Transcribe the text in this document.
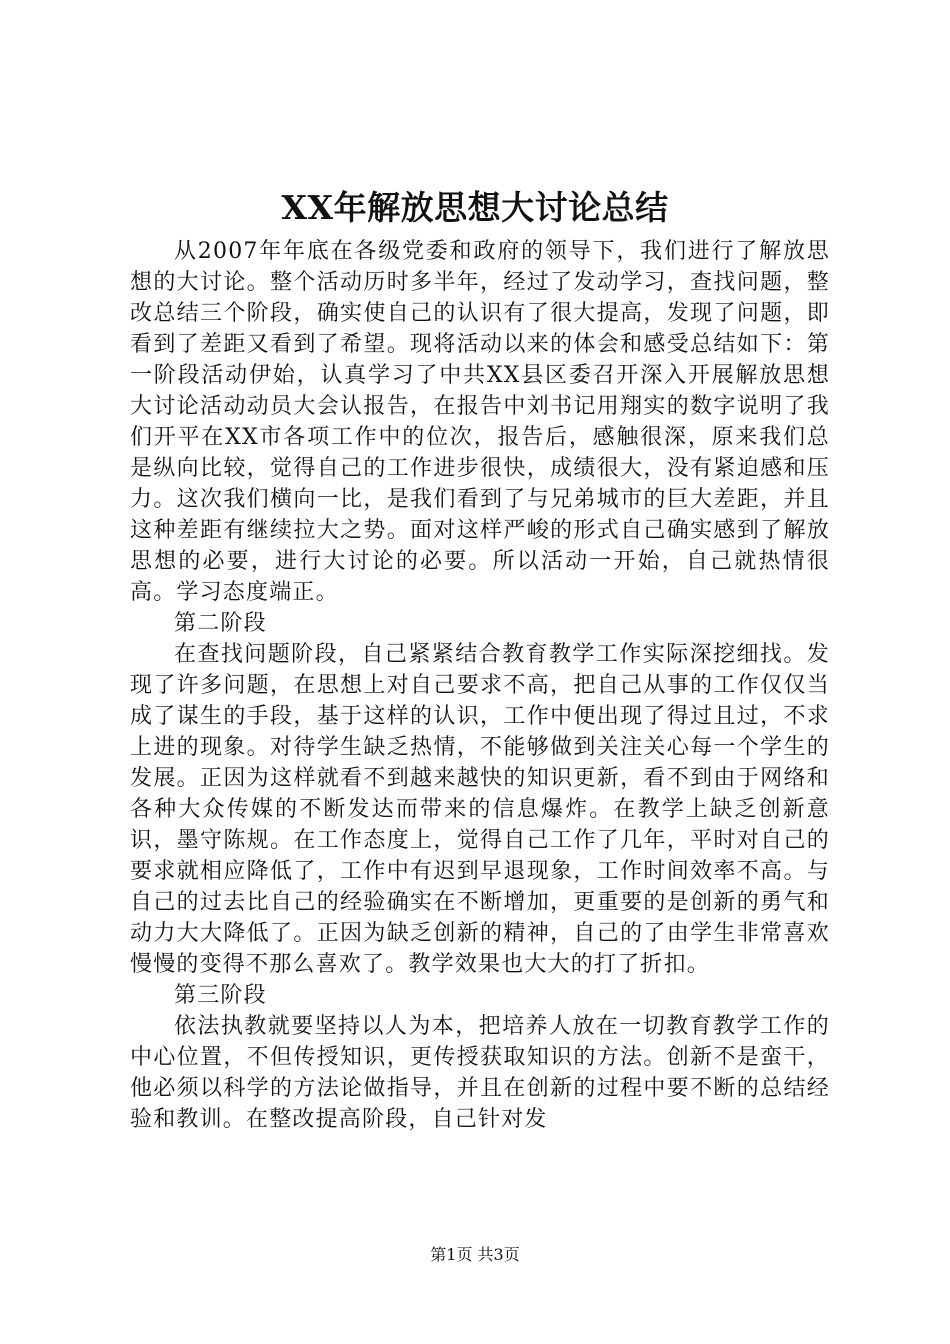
XX年解放思想大讨论总结

从2007年年底在各级党委和政府的领导下，我们进行了解放思想的大讨论。整个活动历时多半年，经过了发动学习，查找问题，整改总结三个阶段，确实使自己的认识有了很大提高，发现了问题，即看到了差距又看到了希望。现将活动以来的体会和感受总结如下：第一阶段活动伊始，认真学习了中共XX县区委召开深入开展解放思想大讨论活动动员大会认报告，在报告中刘书记用翔实的数字说明了我们开平在XX市各项工作中的位次，报告后，感触很深，原来我们总是纵向比较，觉得自己的工作进步很快，成绩很大，没有紧迫感和压力。这次我们横向一比，是我们看到了与兄弟城市的巨大差距，并且这种差距有继续拉大之势。面对这样严峻的形式自己确实感到了解放思想的必要，进行大讨论的必要。所以活动一开始，自己就热情很高。学习态度端正。

第二阶段

在查找问题阶段，自己紧紧结合教育教学工作实际深挖细找。发现了许多问题，在思想上对自己要求不高，把自己从事的工作仅仅当成了谋生的手段，基于这样的认识，工作中便出现了得过且过，不求上进的现象。对待学生缺乏热情，不能够做到关注关心每一个学生的发展。正因为这样就看不到越来越快的知识更新，看不到由于网络和各种大众传媒的不断发达而带来的信息爆炸。在教学上缺乏创新意识，墨守陈规。在工作态度上，觉得自己工作了几年，平时对自己的要求就相应降低了，工作中有迟到早退现象，工作时间效率不高。与自己的过去比自己的经验确实在不断增加，更重要的是创新的勇气和动力大大降低了。正因为缺乏创新的精神，自己的了由学生非常喜欢慢慢的变得不那么喜欢了。教学效果也大大的打了折扣。

第三阶段

依法执教就要坚持以人为本，把培养人放在一切教育教学工作的中心位置，不但传授知识，更传授获取知识的方法。创新不是蛮干，他必须以科学的方法论做指导，并且在创新的过程中要不断的总结经验和教训。在整改提高阶段，自己针对发

第1页 共3页
